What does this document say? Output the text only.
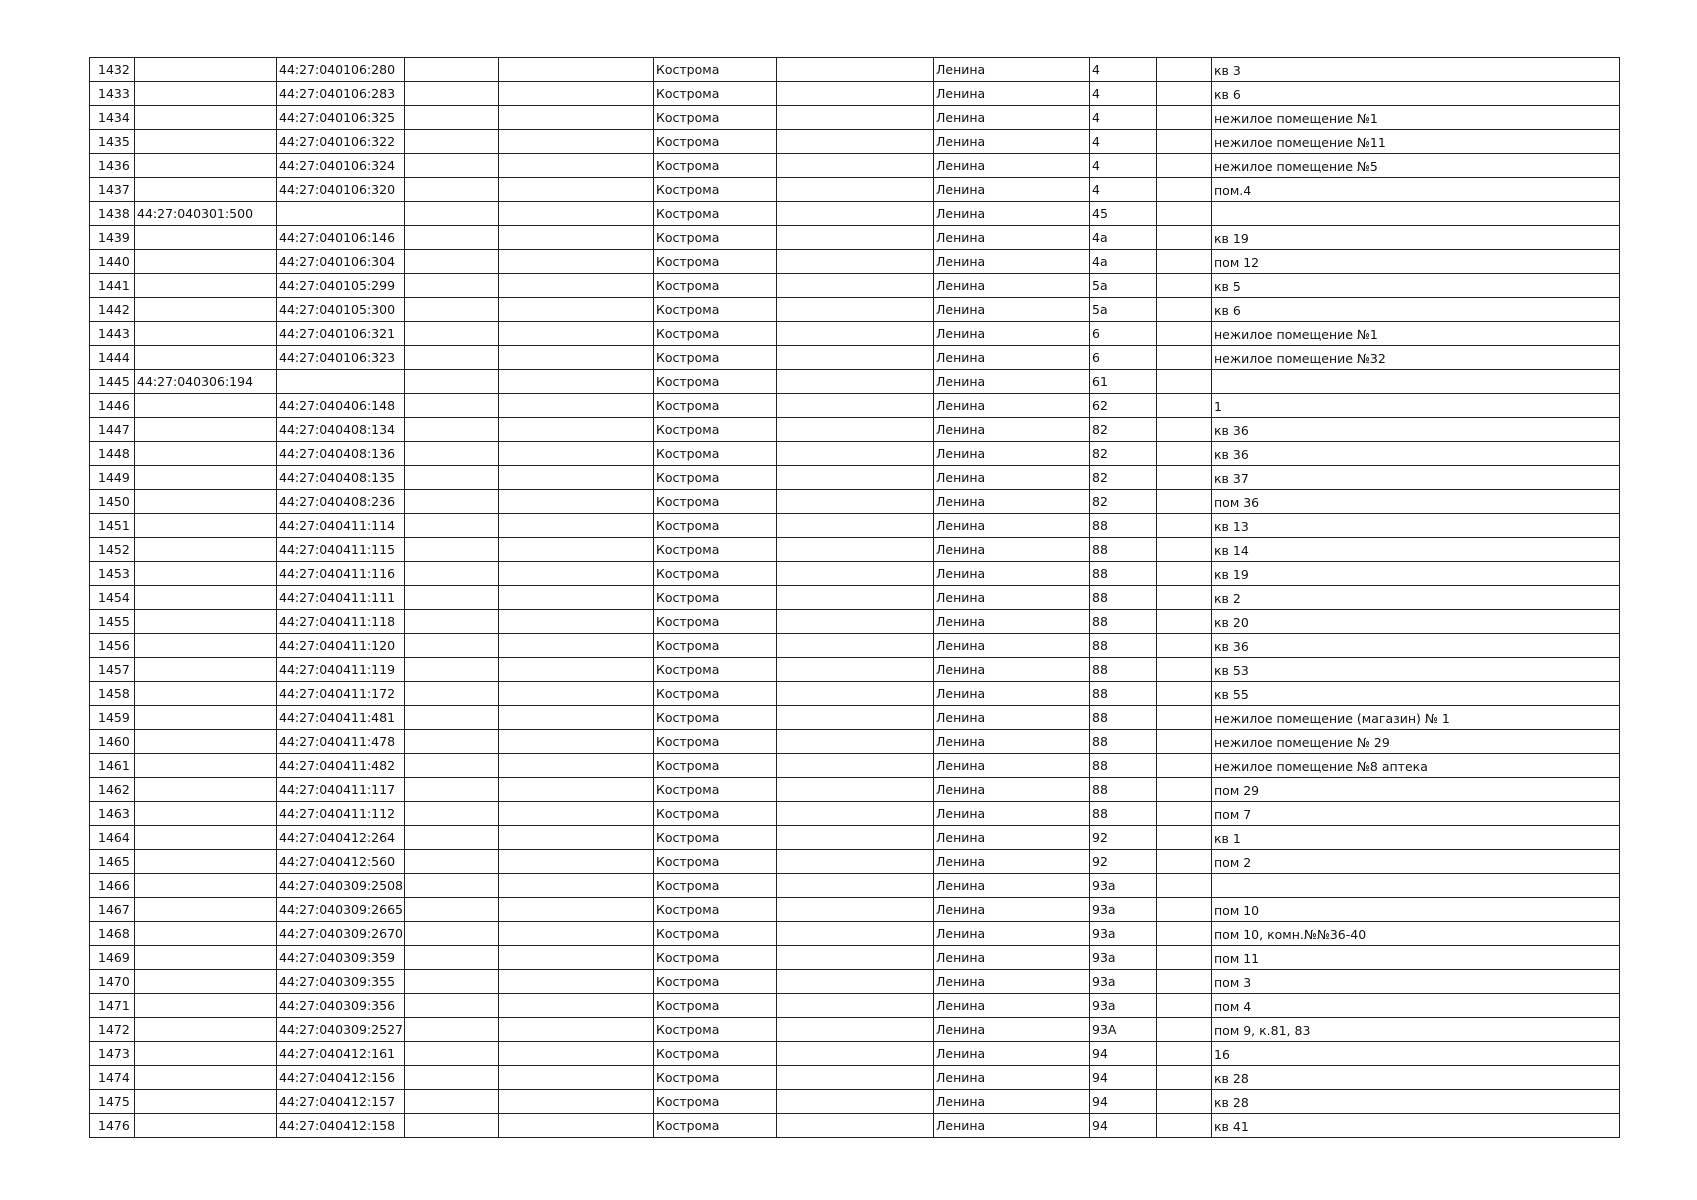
1432		44:27:040106:280			Кострома		Ленина	4		кв 3
1433		44:27:040106:283			Кострома		Ленина	4		кв 6
1434		44:27:040106:325			Кострома		Ленина	4		нежилое помещение №1
1435		44:27:040106:322			Кострома		Ленина	4		нежилое помещение №11
1436		44:27:040106:324			Кострома		Ленина	4		нежилое помещение №5
1437		44:27:040106:320			Кострома		Ленина	4		пом.4
1438	44:27:040301:500				Кострома		Ленина	45		
1439		44:27:040106:146			Кострома		Ленина	4а		кв 19
1440		44:27:040106:304			Кострома		Ленина	4а		пом 12
1441		44:27:040105:299			Кострома		Ленина	5а		кв 5
1442		44:27:040105:300			Кострома		Ленина	5а		кв 6
1443		44:27:040106:321			Кострома		Ленина	6		нежилое помещение №1
1444		44:27:040106:323			Кострома		Ленина	6		нежилое помещение №32
1445	44:27:040306:194				Кострома		Ленина	61		
1446		44:27:040406:148			Кострома		Ленина	62		1
1447		44:27:040408:134			Кострома		Ленина	82		кв 36
1448		44:27:040408:136			Кострома		Ленина	82		кв 36
1449		44:27:040408:135			Кострома		Ленина	82		кв 37
1450		44:27:040408:236			Кострома		Ленина	82		пом 36
1451		44:27:040411:114			Кострома		Ленина	88		кв 13
1452		44:27:040411:115			Кострома		Ленина	88		кв 14
1453		44:27:040411:116			Кострома		Ленина	88		кв 19
1454		44:27:040411:111			Кострома		Ленина	88		кв 2
1455		44:27:040411:118			Кострома		Ленина	88		кв 20
1456		44:27:040411:120			Кострома		Ленина	88		кв 36
1457		44:27:040411:119			Кострома		Ленина	88		кв 53
1458		44:27:040411:172			Кострома		Ленина	88		кв 55
1459		44:27:040411:481			Кострома		Ленина	88		нежилое помещение (магазин) № 1
1460		44:27:040411:478			Кострома		Ленина	88		нежилое помещение № 29
1461		44:27:040411:482			Кострома		Ленина	88		нежилое помещение №8 аптека
1462		44:27:040411:117			Кострома		Ленина	88		пом 29
1463		44:27:040411:112			Кострома		Ленина	88		пом 7
1464		44:27:040412:264			Кострома		Ленина	92		кв 1
1465		44:27:040412:560			Кострома		Ленина	92		пом 2
1466		44:27:040309:2508			Кострома		Ленина	93а		
1467		44:27:040309:2665			Кострома		Ленина	93а		пом 10
1468		44:27:040309:2670			Кострома		Ленина	93а		пом 10, комн.№№36-40
1469		44:27:040309:359			Кострома		Ленина	93а		пом 11
1470		44:27:040309:355			Кострома		Ленина	93а		пом 3
1471		44:27:040309:356			Кострома		Ленина	93а		пом 4
1472		44:27:040309:2527			Кострома		Ленина	93А		пом 9, к.81, 83
1473		44:27:040412:161			Кострома		Ленина	94		16
1474		44:27:040412:156			Кострома		Ленина	94		кв 28
1475		44:27:040412:157			Кострома		Ленина	94		кв 28
1476		44:27:040412:158			Кострома		Ленина	94		кв 41
